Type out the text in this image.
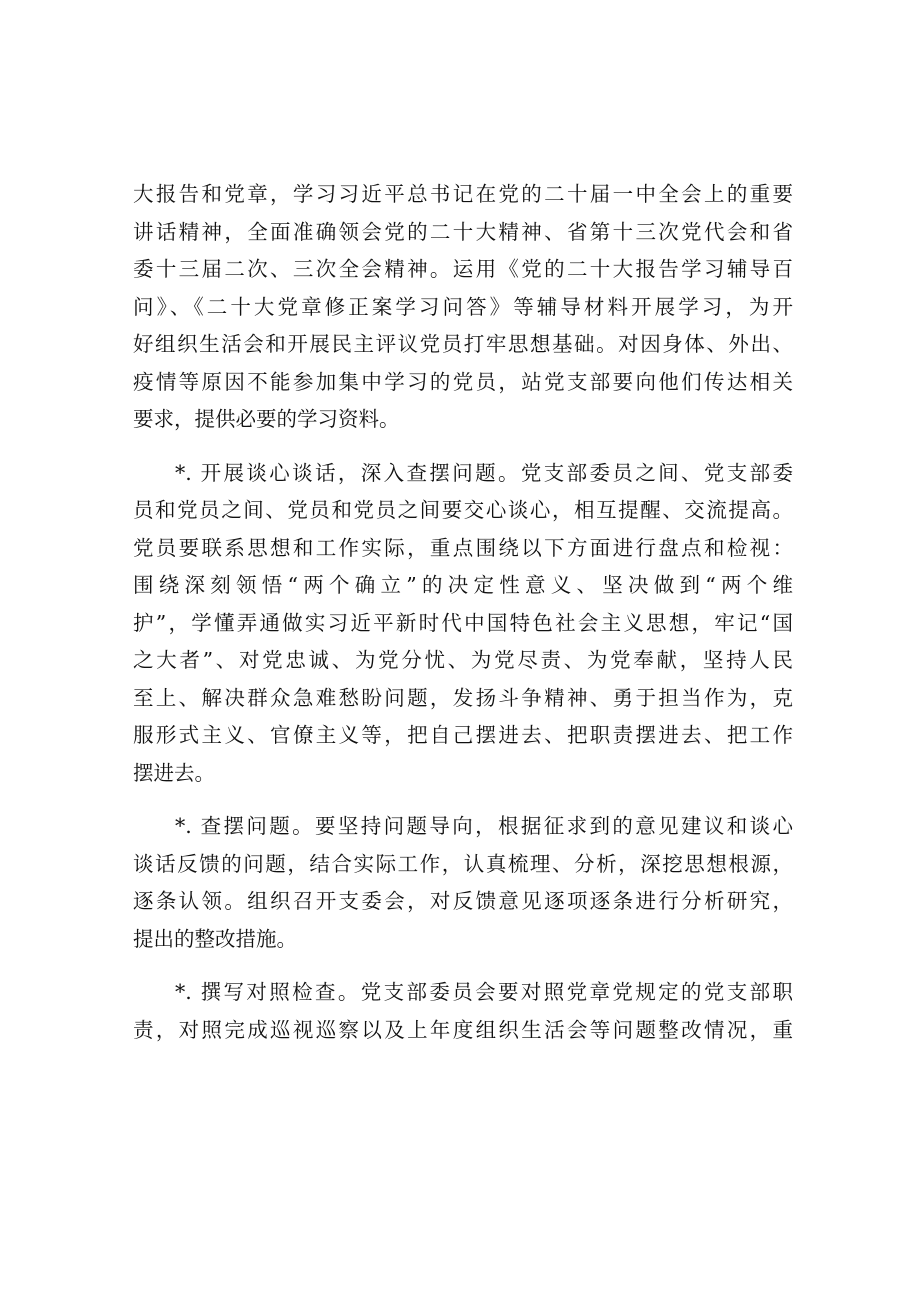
大报告和党章，学习习近平总书记在党的二十届一中全会上的重要
讲话精神，全面准确领会党的二十大精神、省第十三次党代会和省
委十三届二次、三次全会精神。运用《党的二十大报告学习辅导百
问》、《二十大党章修正案学习问答》等辅导材料开展学习，为开
好组织生活会和开展民主评议党员打牢思想基础。对因身体、外出、
疫情等原因不能参加集中学习的党员，站党支部要向他们传达相关
要求，提供必要的学习资料。
*. 开展谈心谈话，深入查摆问题。党支部委员之间、党支部委
员和党员之间、党员和党员之间要交心谈心，相互提醒、交流提高。
党员要联系思想和工作实际，重点围绕以下方面进行盘点和检视：
围绕深刻领悟“两个确立”的决定性意义、坚决做到“两个维
护”，学懂弄通做实习近平新时代中国特色社会主义思想，牢记“国
之大者”、对党忠诚、为党分忧、为党尽责、为党奉献，坚持人民
至上、解决群众急难愁盼问题，发扬斗争精神、勇于担当作为，克
服形式主义、官僚主义等，把自己摆进去、把职责摆进去、把工作
摆进去。
*. 查摆问题。要坚持问题导向，根据征求到的意见建议和谈心
谈话反馈的问题，结合实际工作，认真梳理、分析，深挖思想根源，
逐条认领。组织召开支委会，对反馈意见逐项逐条进行分析研究，
提出的整改措施。
*. 撰写对照检查。党支部委员会要对照党章党规定的党支部职
责，对照完成巡视巡察以及上年度组织生活会等问题整改情况，重
